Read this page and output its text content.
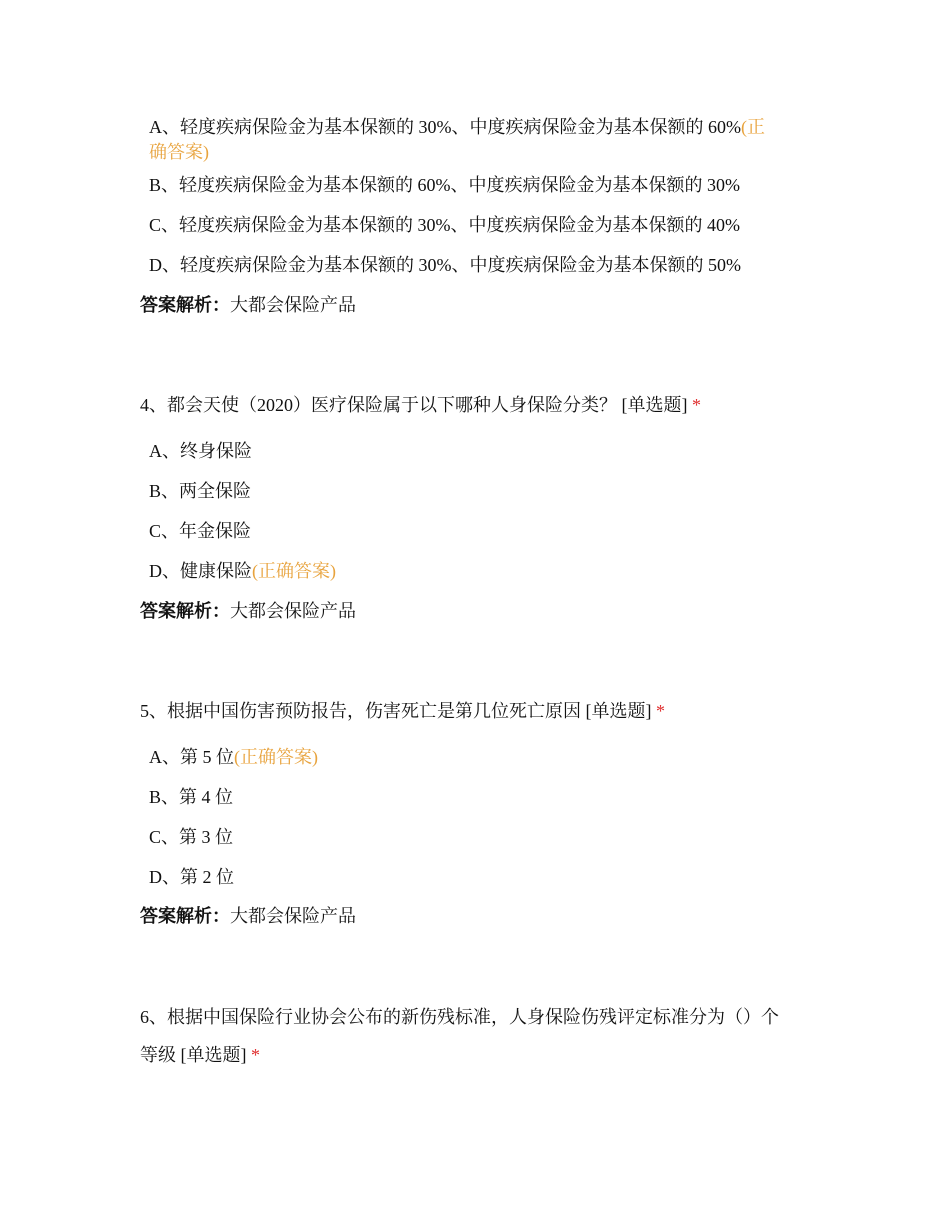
A、轻度疾病保险金为基本保额的 30%、中度疾病保险金为基本保额的 60%(正
确答案)
B、轻度疾病保险金为基本保额的 60%、中度疾病保险金为基本保额的 30%
C、轻度疾病保险金为基本保额的 30%、中度疾病保险金为基本保额的 40%
D、轻度疾病保险金为基本保额的 30%、中度疾病保险金为基本保额的 50%
答案解析：大都会保险产品
4、都会天使（2020）医疗保险属于以下哪种人身保险分类？ [单选题] *
A、终身保险
B、两全保险
C、年金保险
D、健康保险(正确答案)
答案解析：大都会保险产品
5、根据中国伤害预防报告，伤害死亡是第几位死亡原因 [单选题] *
A、第 5 位(正确答案)
B、第 4 位
C、第 3 位
D、第 2 位
答案解析：大都会保险产品
6、根据中国保险行业协会公布的新伤残标准，人身保险伤残评定标准分为（）个
等级 [单选题] *
